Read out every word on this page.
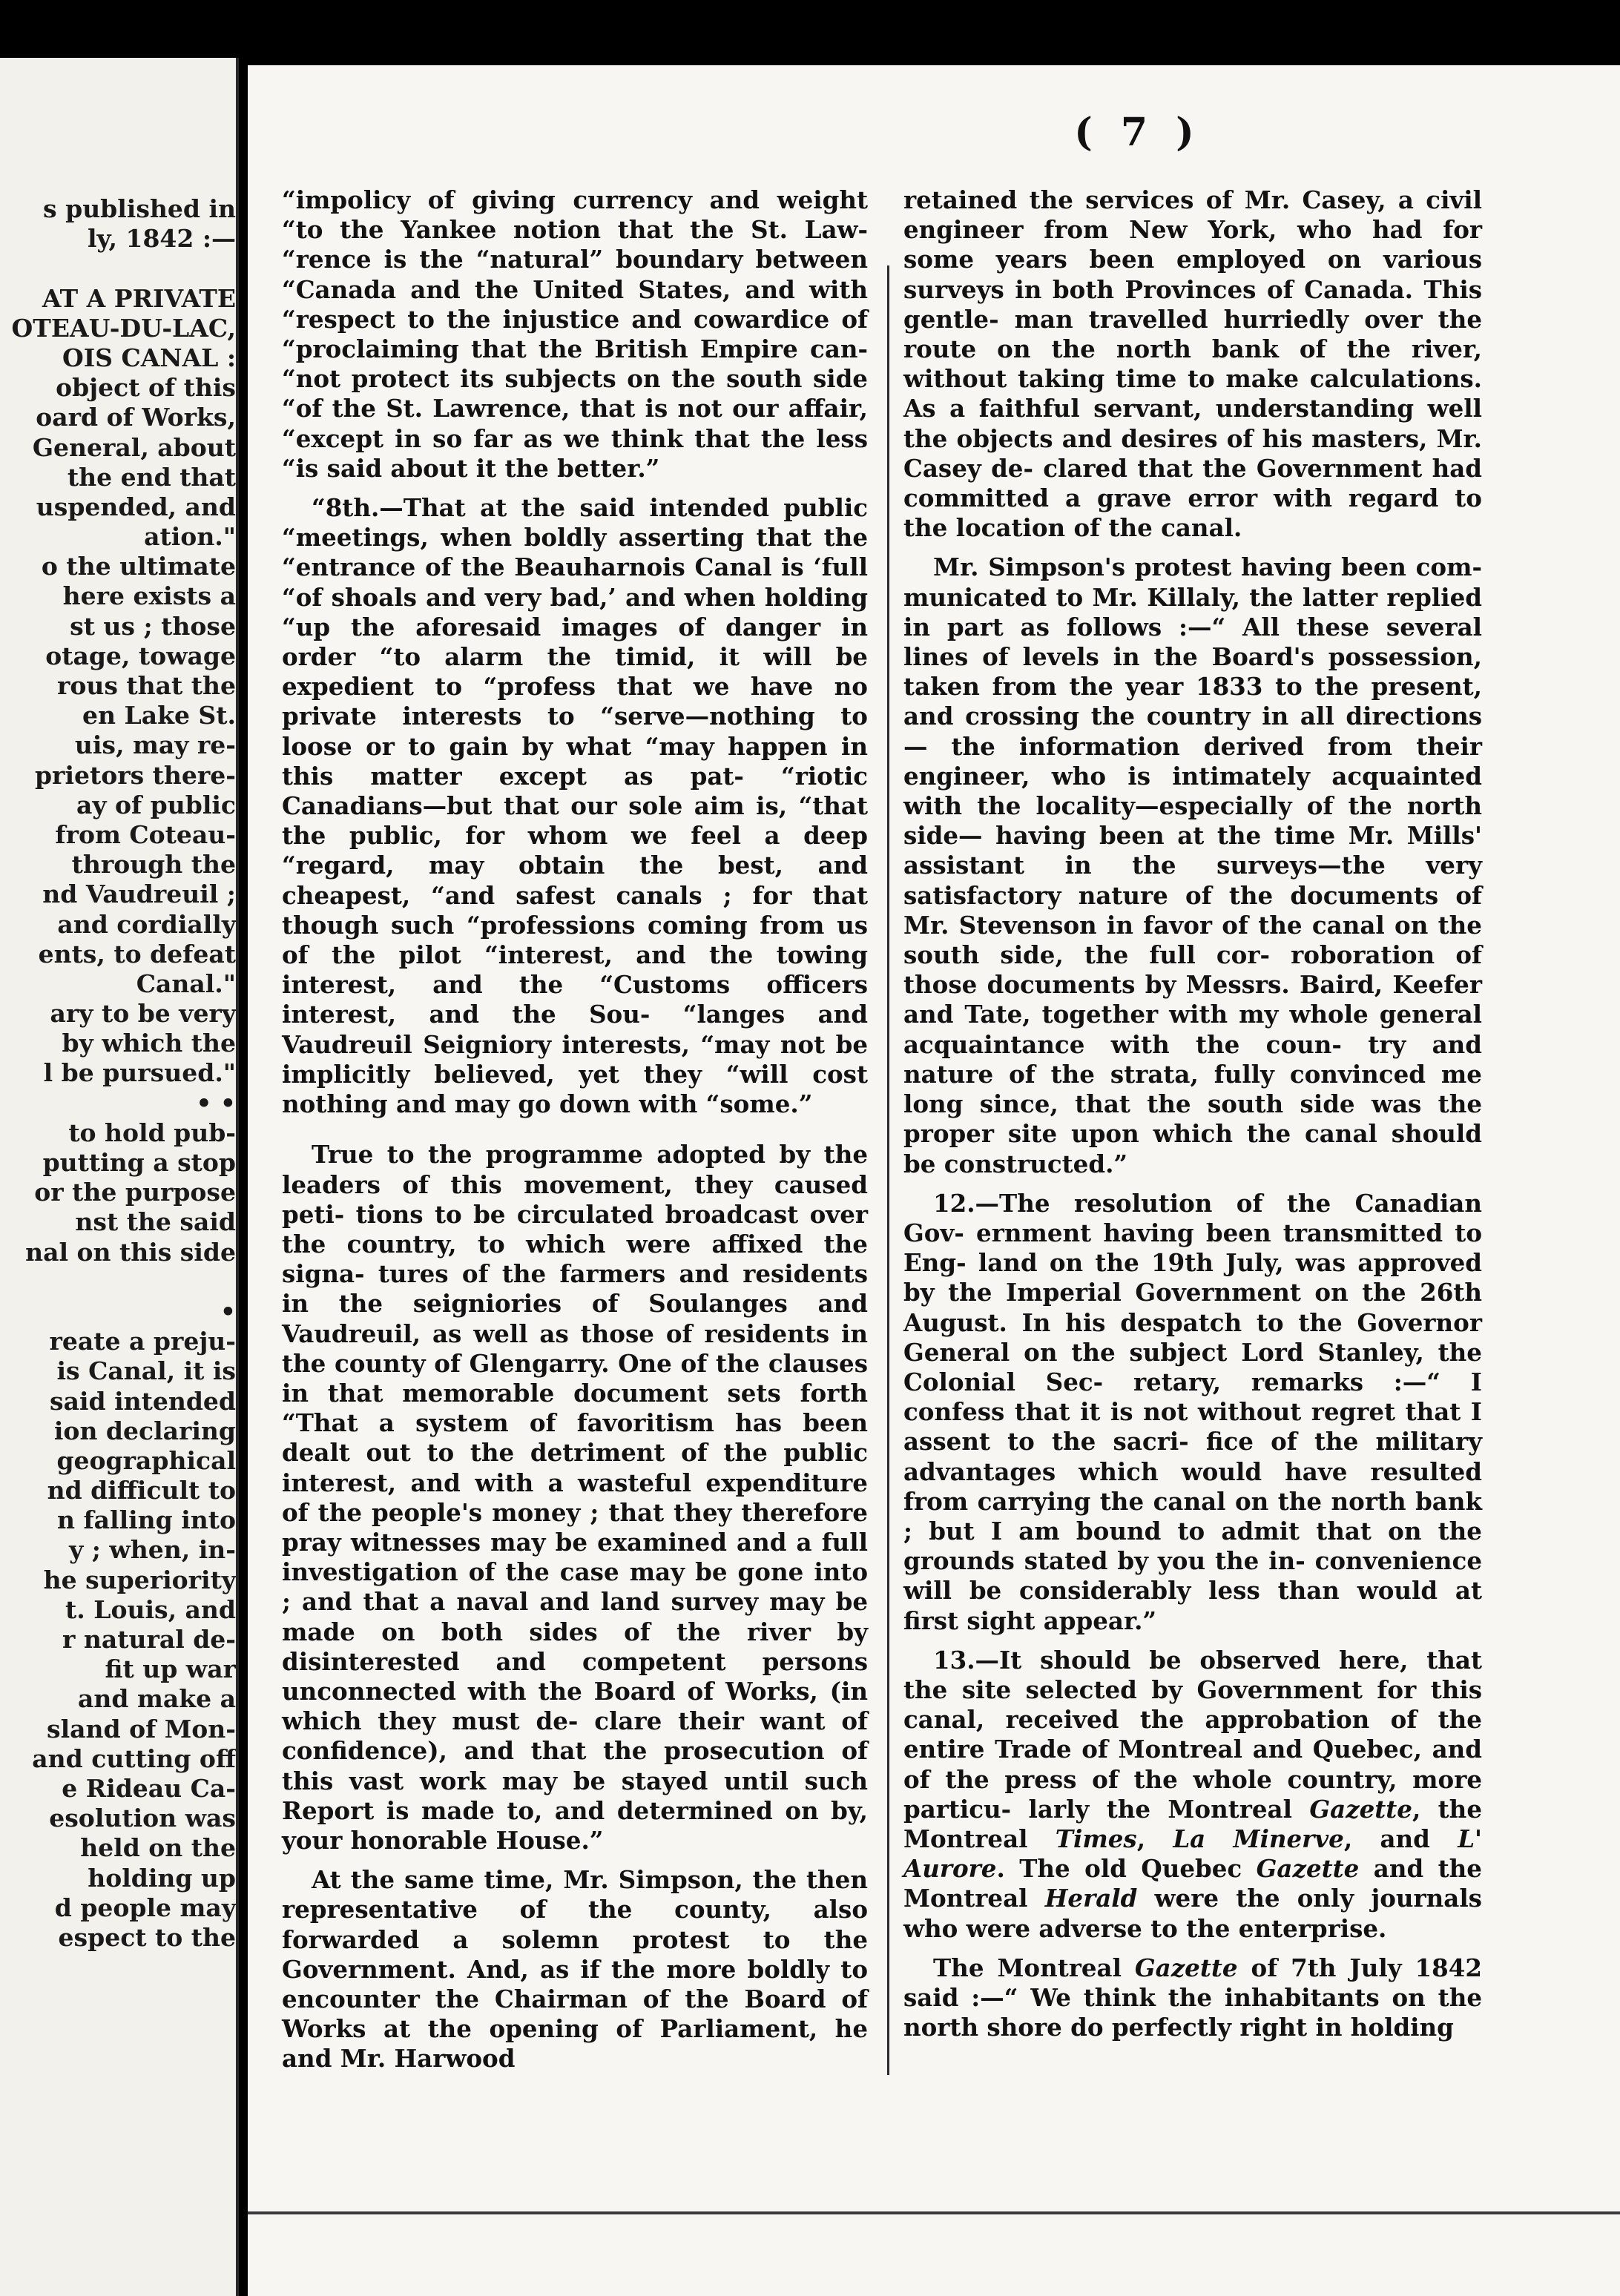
s published in
ly, 1842 :—
AT A PRIVATE
OTEAU-DU-LAC,
OIS CANAL :
object of this
oard of Works,
General, about
the end that
uspended, and
ation."
o the ultimate
here exists a
st us ; those
otage, towage
rous that the
en Lake St.
uis, may re-
prietors there-
ay of public
from Coteau-
through the
nd Vaudreuil ;
and cordially
ents, to defeat
Canal."
ary to be very
by which the
l be pursued."
• •
to hold pub-
putting a stop
or the purpose
nst the said
nal on this side
•
reate a preju-
is Canal, it is
said intended
ion declaring
geographical
nd difficult to
n falling into
y ; when, in-
he superiority
t. Louis, and
r natural de-
fit up war
and make a
sland of Mon-
and cutting off
e Rideau Ca-
esolution was
held on the
holding up
d people may
espect to the
( 7 )

“impolicy of giving currency and weight “to the Yankee notion that the St. Law- “rence is the “natural” boundary between “Canada and the United States, and with “respect to the injustice and cowardice of “proclaiming that the British Empire can- “not protect its subjects on the south side “of the St. Lawrence, that is not our affair, “except in so far as we think that the less “is said about it the better.”

“8th.—That at the said intended public “meetings, when boldly asserting that the “entrance of the Beauharnois Canal is ‘full “of shoals and very bad,’ and when holding “up the aforesaid images of danger in order “to alarm the timid, it will be expedient to “profess that we have no private interests to “serve—nothing to loose or to gain by what “may happen in this matter except as pat- “riotic Canadians—but that our sole aim is, “that the public, for whom we feel a deep “regard, may obtain the best, and cheapest, “and safest canals ; for that though such “professions coming from us of the pilot “interest, and the towing interest, and the “Customs officers interest, and the Sou- “langes and Vaudreuil Seigniory interests, “may not be implicitly believed, yet they “will cost nothing and may go down with “some.”

True to the programme adopted by the leaders of this movement, they caused peti- tions to be circulated broadcast over the country, to which were affixed the signa- tures of the farmers and residents in the seigniories of Soulanges and Vaudreuil, as well as those of residents in the county of Glengarry. One of the clauses in that memorable document sets forth “That a system of favoritism has been dealt out to the detriment of the public interest, and with a wasteful expenditure of the people's money ; that they therefore pray witnesses may be examined and a full investigation of the case may be gone into ; and that a naval and land survey may be made on both sides of the river by disinterested and competent persons unconnected with the Board of Works, (in which they must de- clare their want of confidence), and that the prosecution of this vast work may be stayed until such Report is made to, and determined on by, your honorable House.”

At the same time, Mr. Simpson, the then representative of the county, also forwarded a solemn protest to the Government. And, as if the more boldly to encounter the Chairman of the Board of Works at the opening of Parliament, he and Mr. Harwood

retained the services of Mr. Casey, a civil engineer from New York, who had for some years been employed on various surveys in both Provinces of Canada. This gentle- man travelled hurriedly over the route on the north bank of the river, without taking time to make calculations. As a faithful servant, understanding well the objects and desires of his masters, Mr. Casey de- clared that the Government had committed a grave error with regard to the location of the canal.

Mr. Simpson's protest having been com- municated to Mr. Killaly, the latter replied in part as follows :—“ All these several lines of levels in the Board's possession, taken from the year 1833 to the present, and crossing the country in all directions— the information derived from their engineer, who is intimately acquainted with the locality—especially of the north side— having been at the time Mr. Mills' assistant in the surveys—the very satisfactory nature of the documents of Mr. Stevenson in favor of the canal on the south side, the full cor- roboration of those documents by Messrs. Baird, Keefer and Tate, together with my whole general acquaintance with the coun- try and nature of the strata, fully convinced me long since, that the south side was the proper site upon which the canal should be constructed.”

12.—The resolution of the Canadian Gov- ernment having been transmitted to Eng- land on the 19th July, was approved by the Imperial Government on the 26th August. In his despatch to the Governor General on the subject Lord Stanley, the Colonial Sec- retary, remarks :—“ I confess that it is not without regret that I assent to the sacri- fice of the military advantages which would have resulted from carrying the canal on the north bank ; but I am bound to admit that on the grounds stated by you the in- convenience will be considerably less than would at first sight appear.”

13.—It should be observed here, that the site selected by Government for this canal, received the approbation of the entire Trade of Montreal and Quebec, and of the press of the whole country, more particu- larly the Montreal Gazette, the Montreal Times, La Minerve, and L' Aurore. The old Quebec Gazette and the Montreal Herald were the only journals who were adverse to the enterprise.

The Montreal Gazette of 7th July 1842 said :—“ We think the inhabitants on the north shore do perfectly right in holding
